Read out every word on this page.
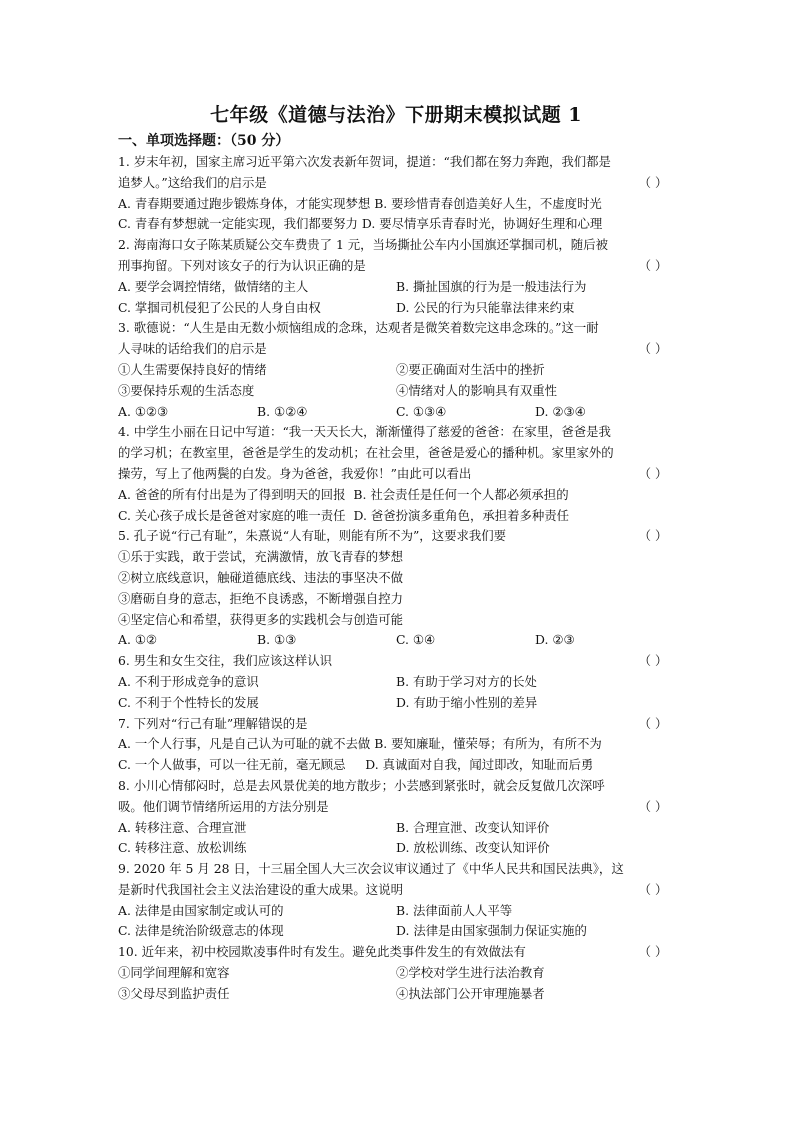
七年级《道德与法治》下册期末模拟试题 1
一、单项选择题：（50 分）
1. 岁末年初，国家主席习近平第六次发表新年贺词，提道：“我们都在努力奔跑，我们都是
追梦人。”这给我们的启示是	（ ）
A. 青春期要通过跑步锻炼身体，才能实现梦想 B. 要珍惜青春创造美好人生，不虚度时光
C. 青春有梦想就一定能实现，我们都要努力 D. 要尽情享乐青春时光，协调好生理和心理
2. 海南海口女子陈某质疑公交车费贵了 1 元，当场撕扯公车内小国旗还掌掴司机，随后被
刑事拘留。下列对该女子的行为认识正确的是	（ ）
A. 要学会调控情绪，做情绪的主人	B. 撕扯国旗的行为是一般违法行为
C. 掌掴司机侵犯了公民的人身自由权	D. 公民的行为只能靠法律来约束
3. 歌德说：“人生是由无数小烦恼组成的念珠，达观者是微笑着数完这串念珠的。”这一耐
人寻味的话给我们的启示是	（ ）
①人生需要保持良好的情绪	②要正确面对生活中的挫折
③要保持乐观的生活态度	④情绪对人的影响具有双重性
A. ①②③	B. ①②④	C. ①③④	D. ②③④
4. 中学生小丽在日记中写道：“我一天天长大，渐渐懂得了慈爱的爸爸：在家里，爸爸是我
的学习机；在教室里，爸爸是学生的发动机；在社会里，爸爸是爱心的播种机。家里家外的
操劳，写上了他两鬓的白发。身为爸爸，我爱你！”由此可以看出	（ ）
A. 爸爸的所有付出是为了得到明天的回报 B. 社会责任是任何一个人都必须承担的
C. 关心孩子成长是爸爸对家庭的唯一责任 D. 爸爸扮演多重角色，承担着多种责任
5. 孔子说“行己有耻”，朱熹说“人有耻，则能有所不为”，这要求我们要	（ ）
①乐于实践，敢于尝试，充满激情，放飞青春的梦想
②树立底线意识，触碰道德底线、违法的事坚决不做
③磨砺自身的意志，拒绝不良诱惑，不断增强自控力
④坚定信心和希望，获得更多的实践机会与创造可能
A. ①②	B. ①③	C. ①④	D. ②③
6. 男生和女生交往，我们应该这样认识	（ ）
A. 不利于形成竞争的意识	B. 有助于学习对方的长处
C. 不利于个性特长的发展	D. 有助于缩小性别的差异
7. 下列对“行己有耻”理解错误的是	（ ）
A. 一个人行事，凡是自己认为可耻的就不去做 B. 要知廉耻，懂荣辱；有所为，有所不为
C. 一个人做事，可以一往无前，毫无顾忌 D. 真诚面对自我，闻过即改，知耻而后勇
8. 小川心情郁闷时，总是去风景优美的地方散步；小芸感到紧张时，就会反复做几次深呼
吸。他们调节情绪所运用的方法分别是	（ ）
A. 转移注意、合理宣泄	B. 合理宣泄、改变认知评价
C. 转移注意、放松训练	D. 放松训练、改变认知评价
9. 2020 年 5 月 28 日，十三届全国人大三次会议审议通过了《中华人民共和国民法典》，这
是新时代我国社会主义法治建设的重大成果。这说明	（ ）
A. 法律是由国家制定或认可的	B. 法律面前人人平等
C. 法律是统治阶级意志的体现	D. 法律是由国家强制力保证实施的
10. 近年来，初中校园欺凌事件时有发生。避免此类事件发生的有效做法有	（ ）
①同学间理解和宽容	②学校对学生进行法治教育
③父母尽到监护责任	④执法部门公开审理施暴者
